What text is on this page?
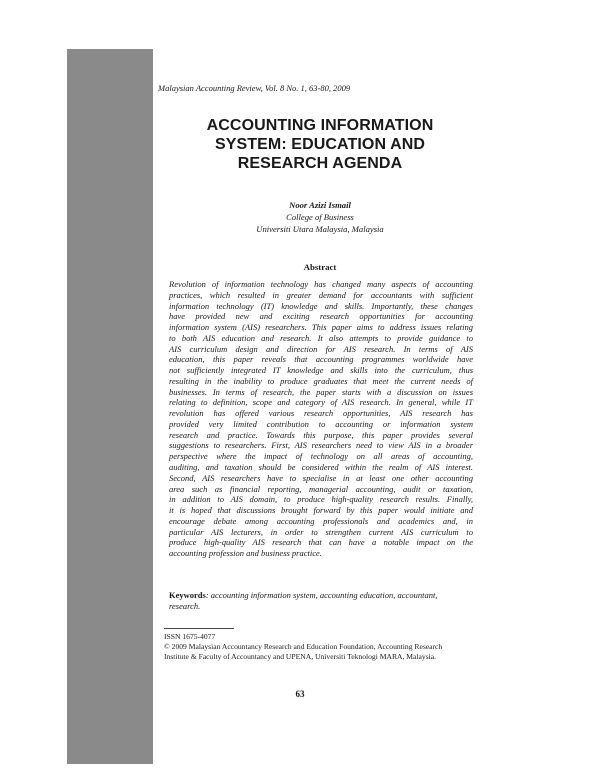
Malaysian Accounting Review, Vol. 8 No. 1, 63-80, 2009
ACCOUNTING INFORMATION
SYSTEM: EDUCATION AND
RESEARCH AGENDA
Noor Azizi Ismail
College of Business
Universiti Utara Malaysia, Malaysia
Abstract
Revolution of information technology has changed many aspects of accounting
practices, which resulted in greater demand for accountants with sufficient
information technology (IT) knowledge and skills. Importantly, these changes
have provided new and exciting research opportunities for accounting
information system (AIS) researchers. This paper aims to address issues relating
to both AIS education and research. It also attempts to provide guidance to
AIS curriculum design and direction for AIS research. In terms of AIS
education, this paper reveals that accounting programmes worldwide have
not sufficiently integrated IT knowledge and skills into the curriculum, thus
resulting in the inability to produce graduates that meet the current needs of
businesses. In terms of research, the paper starts with a discussion on issues
relating to definition, scope and category of AIS research. In general, while IT
revolution has offered various research opportunities, AIS research has
provided very limited contribution to accounting or information system
research and practice. Towards this purpose, this paper provides several
suggestions to researchers. First, AIS researchers need to view AIS in a broader
perspective where the impact of technology on all areas of accounting,
auditing, and taxation should be considered within the realm of AIS interest.
Second, AIS researchers have to specialise in at least one other accounting
area such as financial reporting, managerial accounting, audit or taxation,
in addition to AIS domain, to produce high-quality research results. Finally,
it is hoped that discussions brought forward by this paper would initiate and
encourage debate among accounting professionals and academics and, in
particular AIS lecturers, in order to strengthen current AIS curriculum to
produce high-quality AIS research that can have a notable impact on the
accounting profession and business practice.
Keywords: accounting information system, accounting education, accountant,
research.
ISSN 1675-4077
© 2009 Malaysian Accountancy Research and Education Foundation, Accounting Research
Institute & Faculty of Accountancy and UPENA, Universiti Teknologi MARA, Malaysia.
63
